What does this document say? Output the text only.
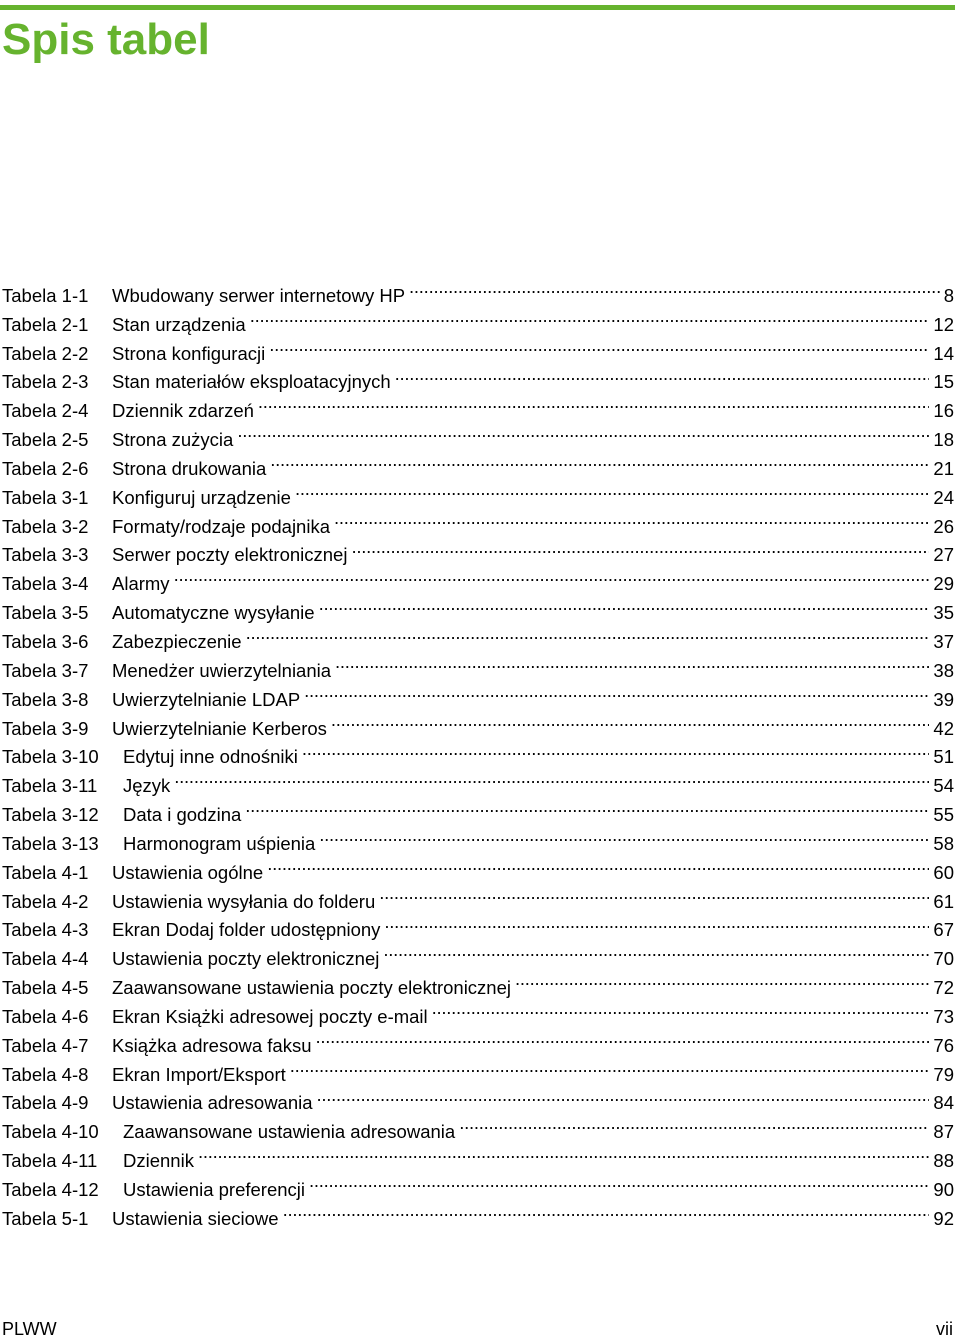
Spis tabel
Tabela 1-1	Wbudowany serwer internetowy HP . . .	8
Tabela 2-1	Stan urządzenia . . .	12
Tabela 2-2	Strona konfiguracji . . .	14
Tabela 2-3	Stan materiałów eksploatacyjnych . . .	15
Tabela 2-4	Dziennik zdarzeń . . .	16
Tabela 2-5	Strona zużycia . . .	18
Tabela 2-6	Strona drukowania . . .	21
Tabela 3-1	Konfiguruj urządzenie . . .	24
Tabela 3-2	Formaty/rodzaje podajnika . . .	26
Tabela 3-3	Serwer poczty elektronicznej . . .	27
Tabela 3-4	Alarmy . . .	29
Tabela 3-5	Automatyczne wysyłanie . . .	35
Tabela 3-6	Zabezpieczenie . . .	37
Tabela 3-7	Menedżer uwierzytelniania . . .	38
Tabela 3-8	Uwierzytelnianie LDAP . . .	39
Tabela 3-9	Uwierzytelnianie Kerberos . . .	42
Tabela 3-10	Edytuj inne odnośniki . . .	51
Tabela 3-11	Język . . .	54
Tabela 3-12	Data i godzina . . .	55
Tabela 3-13	Harmonogram uśpienia . . .	58
Tabela 4-1	Ustawienia ogólne . . .	60
Tabela 4-2	Ustawienia wysyłania do folderu . . .	61
Tabela 4-3	Ekran Dodaj folder udostępniony . . .	67
Tabela 4-4	Ustawienia poczty elektronicznej . . .	70
Tabela 4-5	Zaawansowane ustawienia poczty elektronicznej . . .	72
Tabela 4-6	Ekran Książki adresowej poczty e-mail . . .	73
Tabela 4-7	Książka adresowa faksu . . .	76
Tabela 4-8	Ekran Import/Eksport . . .	79
Tabela 4-9	Ustawienia adresowania . . .	84
Tabela 4-10	Zaawansowane ustawienia adresowania . . .	87
Tabela 4-11	Dziennik . . .	88
Tabela 4-12	Ustawienia preferencji . . .	90
Tabela 5-1	Ustawienia sieciowe . . .	92
PLWW	vii
